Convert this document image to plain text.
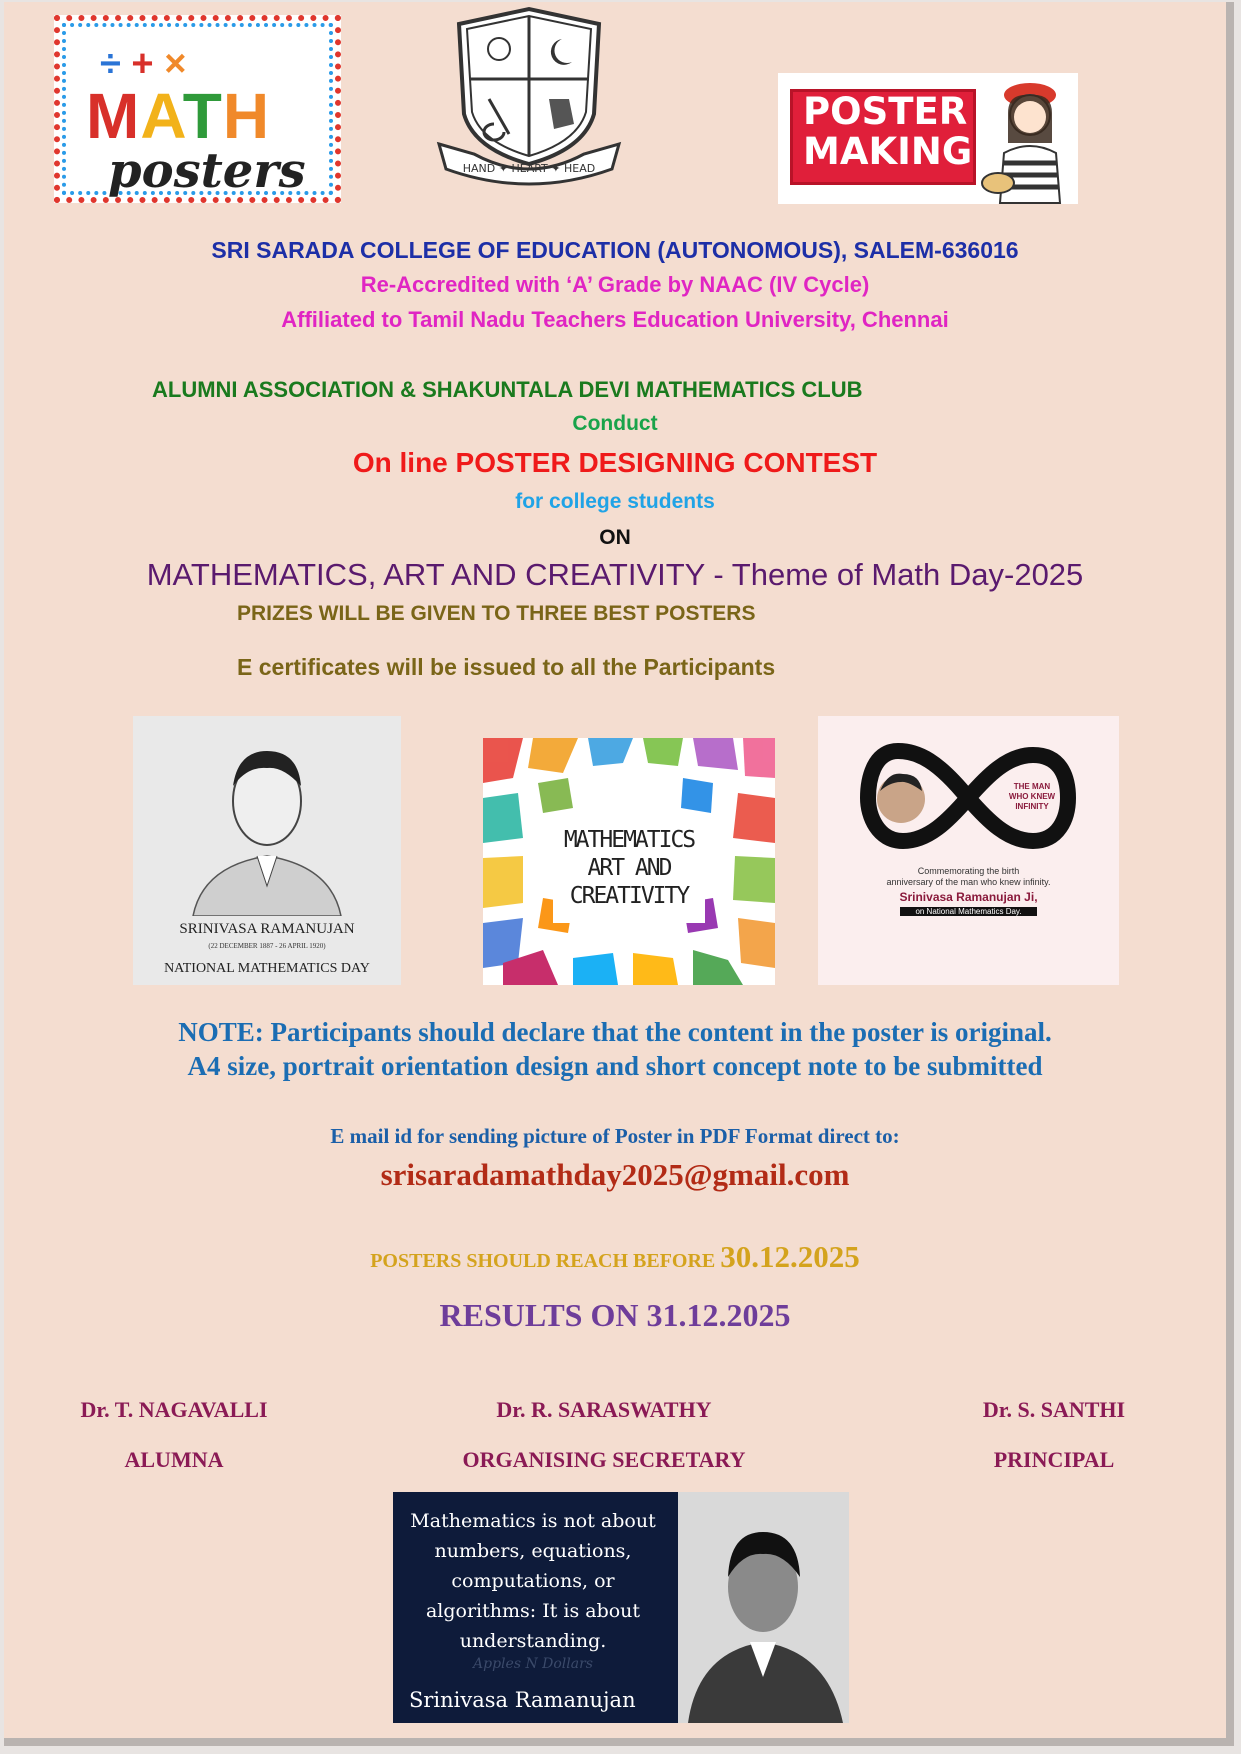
÷ + ×
MATH
posters	HAND ✦ HEART ✦ HEAD
POSTER
MAKING
SRI SARADA COLLEGE OF EDUCATION (AUTONOMOUS), SALEM-636016
Re-Accredited with ‘A’ Grade by NAAC (IV Cycle)
Affiliated to Tamil Nadu Teachers Education University, Chennai
ALUMNI ASSOCIATION & SHAKUNTALA DEVI MATHEMATICS CLUB
Conduct
On line POSTER DESIGNING CONTEST
for college students
ON
MATHEMATICS, ART AND CREATIVITY - Theme of Math Day-2025
PRIZES WILL BE GIVEN TO THREE BEST POSTERS
E certificates will be issued to all the Participants
SRINIVASA RAMANUJAN
(22 DECEMBER 1887 - 26 APRIL 1920)
NATIONAL MATHEMATICS DAY
MATHEMATICS
ART AND
CREATIVITY
THE MAN
WHO KNEW
INFINITY
Commemorating the birth
anniversary of the man who knew infinity.
Srinivasa Ramanujan Ji,
on National Mathematics Day.
NOTE: Participants should declare that the content in the poster is original.
A4 size, portrait orientation design and short concept note to be submitted
E mail id for sending picture of Poster in PDF Format direct to:
srisaradamathday2025@gmail.com
POSTERS SHOULD REACH BEFORE 30.12.2025
RESULTS ON 31.12.2025
Dr. T. NAGAVALLI
ALUMNA
Dr. R. SARASWATHY
ORGANISING SECRETARY
Dr. S. SANTHI
PRINCIPAL
Mathematics is not about
numbers, equations,
computations, or
algorithms: It is about
understanding.
Apples N Dollars
Srinivasa Ramanujan
